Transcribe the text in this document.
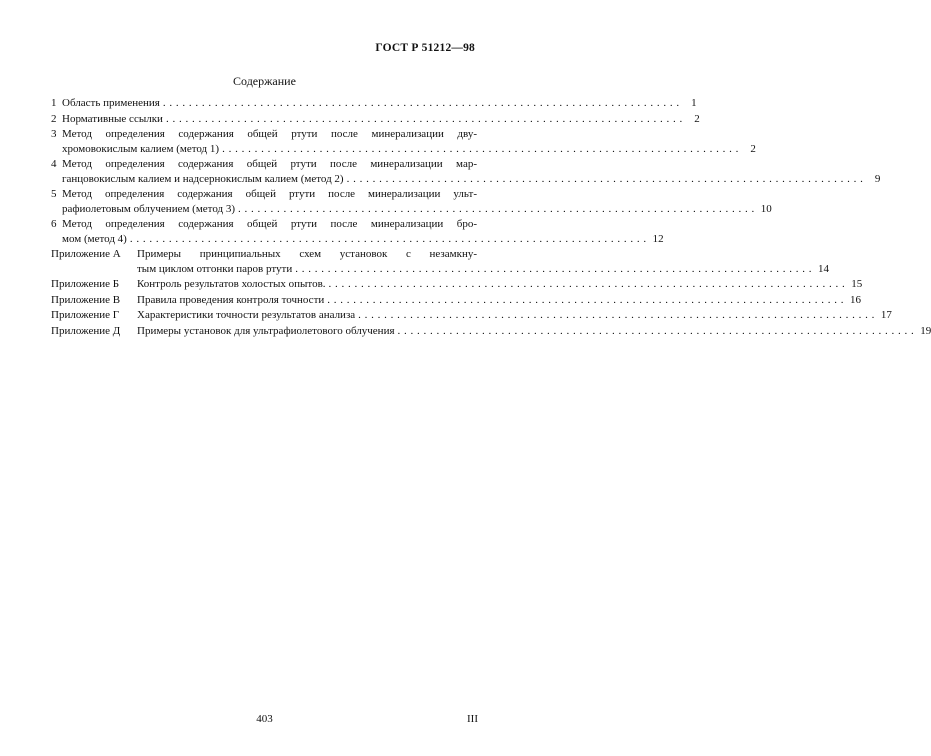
ГОСТ Р 51212—98
Содержание
1 Область применения . . .	1
2 Нормативные ссылки . . .	2
3 Метод определения содержания общей ртути после минерализации дву-
хромовокислым калием (метод 1) . . .	2
4 Метод определения содержания общей ртути после минерализации мар-
ганцовокислым калием и надсернокислым калием (метод 2) . . .	9
5 Метод определения содержания общей ртути после минерализации ульт-
рафиолетовым облучением (метод 3) . . .	10
6 Метод определения содержания общей ртути после минерализации бро-
мом (метод 4) . . .	12
Приложение А	Примеры принципиальных схем установок с незамкну-
тым циклом отгонки паров ртути . . .	14
Приложение Б	Контроль результатов холостых опытов. . . .	15
Приложение В	Правила проведения контроля точности . . .	16
Приложение Г	Характеристики точности результатов анализа . . .	17
Приложение Д	Примеры установок для ультрафиолетового облучения . . .	19
403	III
